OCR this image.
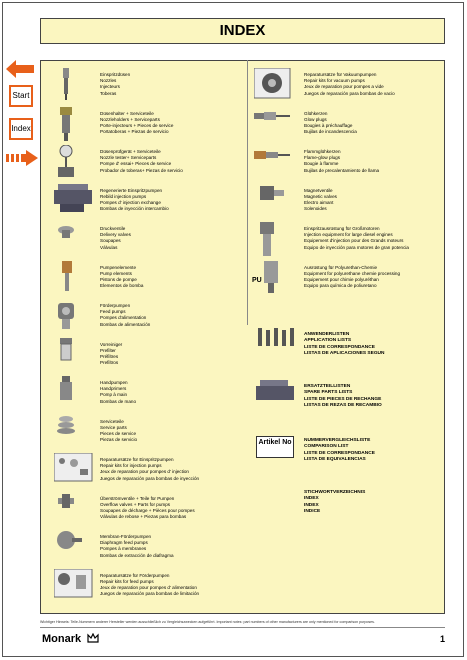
Start
Index
INDEX
Einspritzdüsen
Nozzles
Injecteurs
Toberas
Düsenhalter + Serviceteile
Nozzleholders + Serviceparts
Porte-injecteurs + Pieces de service
Portatoberas + Piezas de servicio
Düsenprüfgerät + Serviceteile
Nozzle tester+ Serviceparts
Pompe d' essai+ Pieces de service
Probador de toberas+ Piezas de servicio
Regenerierte Einspritzpumpen
Rebild injection pumps
Pompes d' injection exchange
Bombas de inyección intercambio
Druckventile
Delivery valves
Soupapes
Válvulas
Pumpenelemente
Pump elements
Pistons de pompe
Elementos de bomba
Förderpumpen
Feed pumps
Pompes d'alimentation
Bombas de alimentación
Vorreiniger
Prefilter
Préfiltres
Prefiltros
Handpumpen
Handprimers
Pomp à main
Bombas de mano
Serviceteile
Service parts
Pieces de service
Piezas de servicio
Reparatursätze für Einspritzpumpen
Repair kits for injection pumps
Jeux de reparation pour pompes d' injection
Juegos de reparación para bombas de inyección
Überströmventile + Teile für Pumpen
Overflow valves + Parts for pumps
Soupapes de décharge + Pièces pour pompes
Válvulas de rebose + Piezas para bombas
Membran-Förderpumpen
Diaphragm feed pumps
Pompes à membranes
Bombas de extracción de diafragma
Reparatursätze für Förderpumpen
Repair kits for feed pumps
Jeux de reparation pour pompes d' alimentation
Juegos de reparación para bombas de limitación
Reparatursätze für Vakuumpumpen
Repair kits for vacuum pumps
Jeux de reparation pour pompes a vide
Juegos de reparación para bombas de vacio
Glühkerzen
Glow plugs
Bougies à préchauffage
Bujilas de incandescencia
Flammglühkerzen
Flame-glow plugs
Bougie à flamme
Bujilas de precalentamiento de llama
Magnetventile
Magnetic valves
Electro aimant
Solenoides
Einspritzausrüstung für Großmotoren
Injection equipment for large diesel engines
Equipement d'injection pour des Grands moteurs
Equipo de inyección para motores de gran potencia
PU
Ausrüstung für Polyurethan-Chemie
Equipment for polyurethane chemie processing
Equipement pour chimie polyuréthan
Equipo para química de poliuretano
ANWENDERLISTEN
APPLICATION LISTS
LISTE DE CORRESPONDANCE
LISTAS DE APLICACIONES SEGUN
ERSATZTEILLISTEN
SPARE PARTS LISTS
LISTE DE PIECES DE RECHANGE
LISTAS DE REZAS DE RECAMBIO
Artikel No	NUMMERVERGLEICHSLISTE
COMPARISON LIST
LISTE DE CORRESPONDANCE
LISTA DE EQUIVALENCIAS
STICHWORTVERZEICHNIS
INDEX
INDEX
INDICE
Wichtiger Hinweis: Teile-Nummern anderer Hersteller werden ausschließlich zu Vergleichszwecken aufgeführt. Important notes: part numbers of other manufacturers are only mentioned for comparison purposes.
Monark	1
